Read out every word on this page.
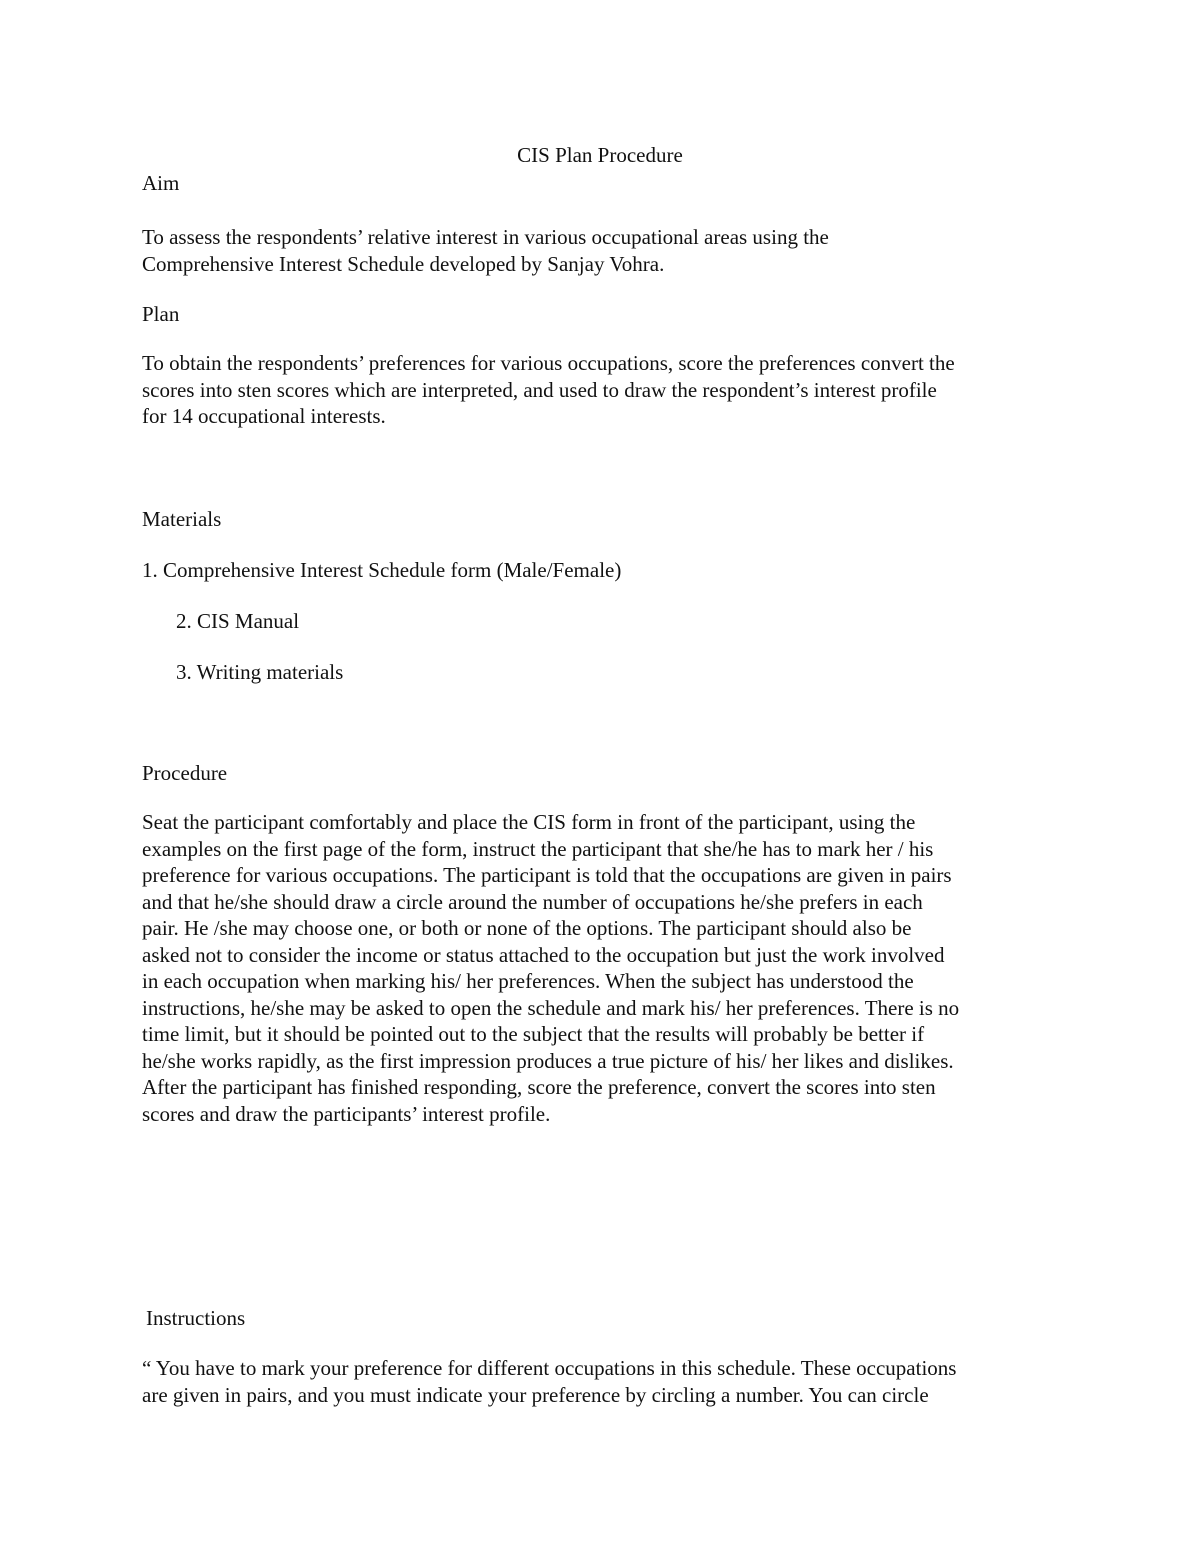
CIS Plan Procedure

Aim

To assess the respondents’ relative interest in various occupational areas using the
Comprehensive Interest Schedule developed by Sanjay Vohra.

Plan

To obtain the respondents’ preferences for various occupations, score the preferences convert the
scores into sten scores which are interpreted, and used to draw the respondent’s interest profile
for 14 occupational interests.

Materials

1. Comprehensive Interest Schedule form (Male/Female)

2. CIS Manual

3. Writing materials

Procedure

Seat the participant comfortably and place the CIS form in front of the participant, using the
examples on the first page of the form, instruct the participant that she/he has to mark her / his
preference for various occupations. The participant is told that the occupations are given in pairs
and that he/she should draw a circle around the number of occupations he/she prefers in each
pair. He /she may choose one, or both or none of the options. The participant should also be
asked not to consider the income or status attached to the occupation but just the work involved
in each occupation when marking his/ her preferences. When the subject has understood the
instructions, he/she may be asked to open the schedule and mark his/ her preferences. There is no
time limit, but it should be pointed out to the subject that the results will probably be better if
he/she works rapidly, as the first impression produces a true picture of his/ her likes and dislikes.
After the participant has finished responding, score the preference, convert the scores into sten
scores and draw the participants’ interest profile.

Instructions

“ You have to mark your preference for different occupations in this schedule. These occupations
are given in pairs, and you must indicate your preference by circling a number. You can circle
